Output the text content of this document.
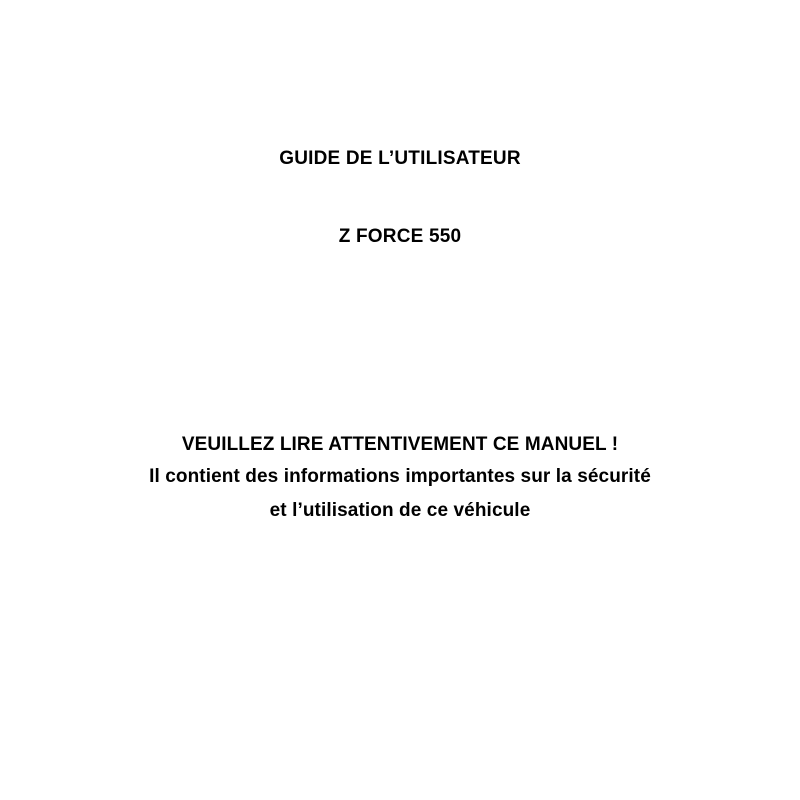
GUIDE DE L’UTILISATEUR

Z FORCE 550

VEUILLEZ LIRE ATTENTIVEMENT CE MANUEL !

Il contient des informations importantes sur la sécurité

et l’utilisation de ce véhicule
